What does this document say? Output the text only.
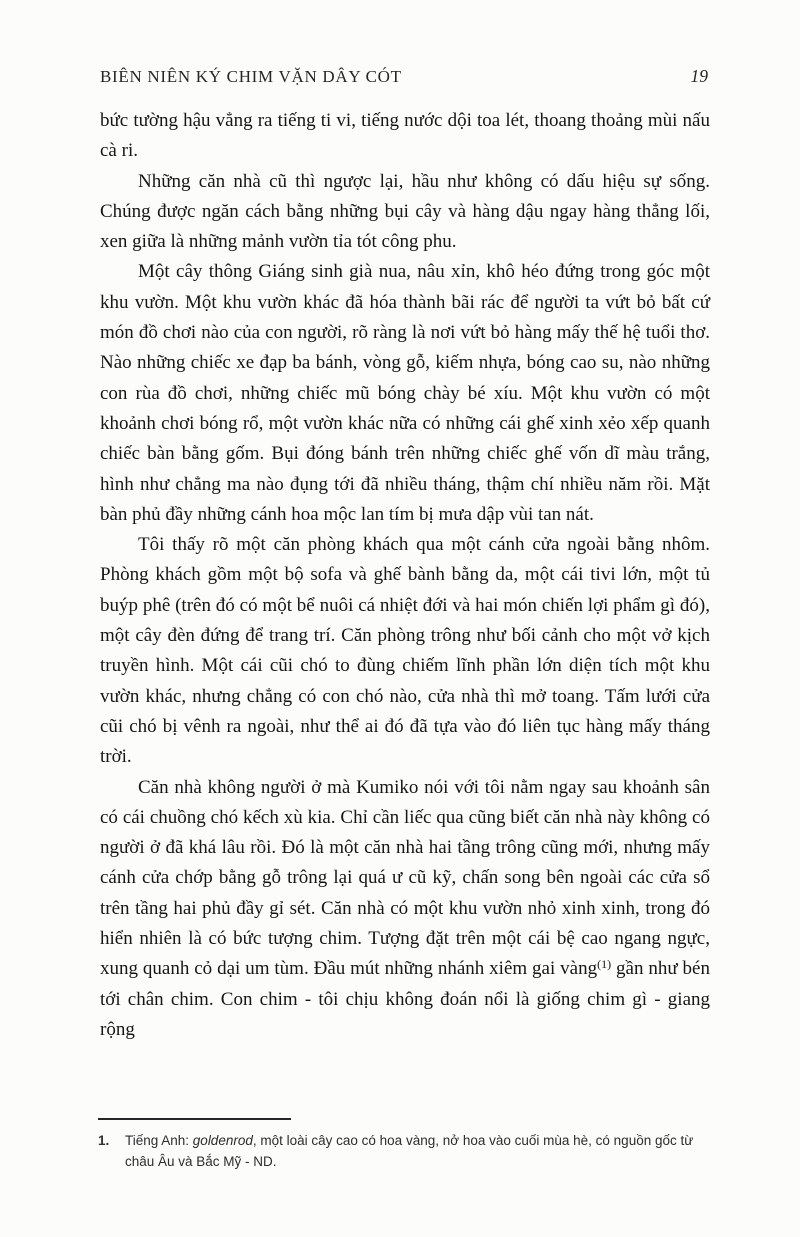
BIÊN NIÊN KÝ CHIM VẶN DÂY CÓT	19

bức tường hậu vẳng ra tiếng ti vi, tiếng nước dội toa lét, thoang thoảng mùi nấu cà ri.

Những căn nhà cũ thì ngược lại, hầu như không có dấu hiệu sự sống. Chúng được ngăn cách bằng những bụi cây và hàng dậu ngay hàng thẳng lối, xen giữa là những mảnh vườn tỉa tót công phu.

Một cây thông Giáng sinh già nua, nâu xỉn, khô héo đứng trong góc một khu vườn. Một khu vườn khác đã hóa thành bãi rác để người ta vứt bỏ bất cứ món đồ chơi nào của con người, rõ ràng là nơi vứt bỏ hàng mấy thế hệ tuổi thơ. Nào những chiếc xe đạp ba bánh, vòng gỗ, kiếm nhựa, bóng cao su, nào những con rùa đồ chơi, những chiếc mũ bóng chày bé xíu. Một khu vườn có một khoảnh chơi bóng rổ, một vườn khác nữa có những cái ghế xinh xẻo xếp quanh chiếc bàn bằng gốm. Bụi đóng bánh trên những chiếc ghế vốn dĩ màu trắng, hình như chẳng ma nào đụng tới đã nhiều tháng, thậm chí nhiều năm rồi. Mặt bàn phủ đầy những cánh hoa mộc lan tím bị mưa dập vùi tan nát.

Tôi thấy rõ một căn phòng khách qua một cánh cửa ngoài bằng nhôm. Phòng khách gồm một bộ sofa và ghế bành bằng da, một cái tivi lớn, một tủ buýp phê (trên đó có một bể nuôi cá nhiệt đới và hai món chiến lợi phẩm gì đó), một cây đèn đứng để trang trí. Căn phòng trông như bối cảnh cho một vở kịch truyền hình. Một cái cũi chó to đùng chiếm lĩnh phần lớn diện tích một khu vườn khác, nhưng chẳng có con chó nào, cửa nhà thì mở toang. Tấm lưới cửa cũi chó bị vênh ra ngoài, như thể ai đó đã tựa vào đó liên tục hàng mấy tháng trời.

Căn nhà không người ở mà Kumiko nói với tôi nằm ngay sau khoảnh sân có cái chuồng chó kếch xù kia. Chỉ cần liếc qua cũng biết căn nhà này không có người ở đã khá lâu rồi. Đó là một căn nhà hai tầng trông cũng mới, nhưng mấy cánh cửa chớp bằng gỗ trông lại quá ư cũ kỹ, chấn song bên ngoài các cửa sổ trên tầng hai phủ đầy gỉ sét. Căn nhà có một khu vườn nhỏ xinh xinh, trong đó hiển nhiên là có bức tượng chim. Tượng đặt trên một cái bệ cao ngang ngực, xung quanh cỏ dại um tùm. Đầu mút những nhánh xiêm gai vàng$^{(1)}$ gần như bén tới chân chim. Con chim - tôi chịu không đoán nổi là giống chim gì - giang rộng

1.	Tiếng Anh: goldenrod, một loài cây cao có hoa vàng, nở hoa vào cuối mùa hè, có nguồn gốc từ châu Âu và Bắc Mỹ - ND.
